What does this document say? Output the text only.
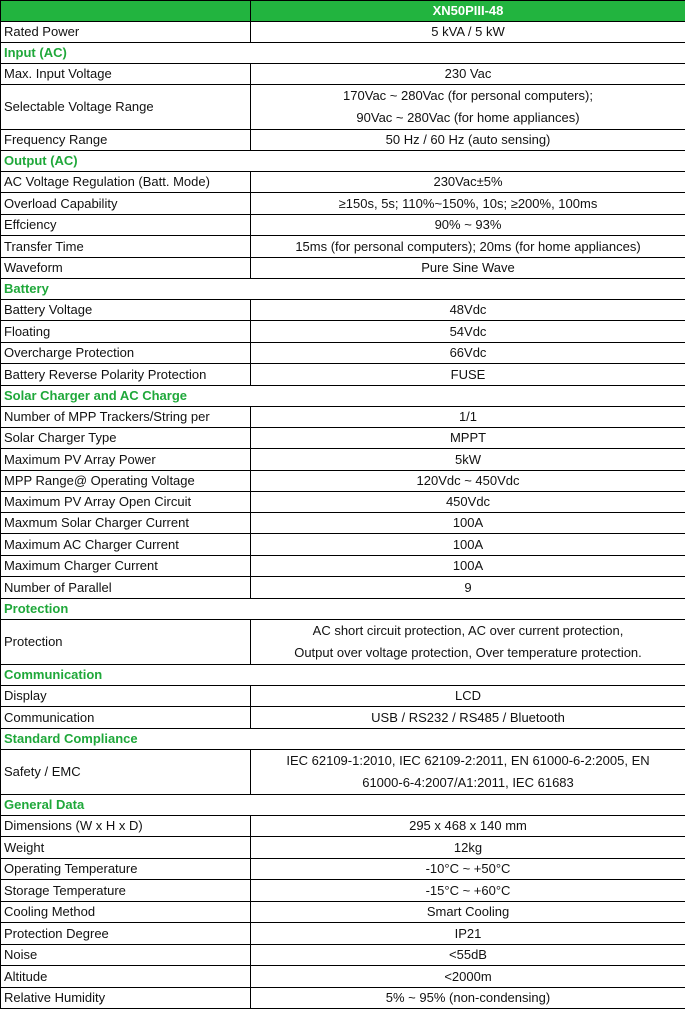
	XN50PIII-48
Rated Power	5 kVA / 5 kW
Input (AC)	
Max. Input Voltage	230 Vac
Selectable Voltage Range	170Vac ~ 280Vac (for personal computers);
90Vac ~ 280Vac (for home appliances)

Frequency Range	50 Hz / 60 Hz (auto sensing)
Output (AC)	
AC Voltage Regulation (Batt. Mode)	230Vac±5%
Overload Capability	≥150s, 5s; 110%~150%, 10s; ≥200%, 100ms
Effciency	90% ~ 93%
Transfer Time	15ms (for personal computers); 20ms (for home appliances)
Waveform	Pure Sine Wave
Battery	
Battery Voltage	48Vdc
Floating	54Vdc
Overcharge Protection	66Vdc
Battery Reverse Polarity Protection	FUSE
Solar Charger and AC Charge	
Number of MPP Trackers/String per	1/1
Solar Charger Type	MPPT
Maximum PV Array Power	5kW
MPP Range@ Operating Voltage	120Vdc ~ 450Vdc
Maximum PV Array Open Circuit	450Vdc
Maxmum Solar Charger Current	100A
Maximum AC Charger Current	100A
Maximum Charger Current	100A
Number of Parallel	9
Protection	
Protection	AC short circuit protection, AC over current protection,
Output over voltage protection, Over temperature protection.

Communication	
Display	LCD
Communication	USB / RS232 / RS485 / Bluetooth
Standard Compliance	
Safety / EMC	IEC 62109-1:2010, IEC 62109-2:2011, EN 61000-6-2:2005, EN
61000-6-4:2007/A1:2011, IEC 61683

General Data	
Dimensions (W x H x D)	295 x 468 x 140 mm
Weight	12kg
Operating Temperature	-10°C ~ +50°C
Storage Temperature	-15°C ~ +60°C
Cooling Method	Smart Cooling
Protection Degree	IP21
Noise	<55dB
Altitude	<2000m
Relative Humidity	5% ~ 95% (non-condensing)
